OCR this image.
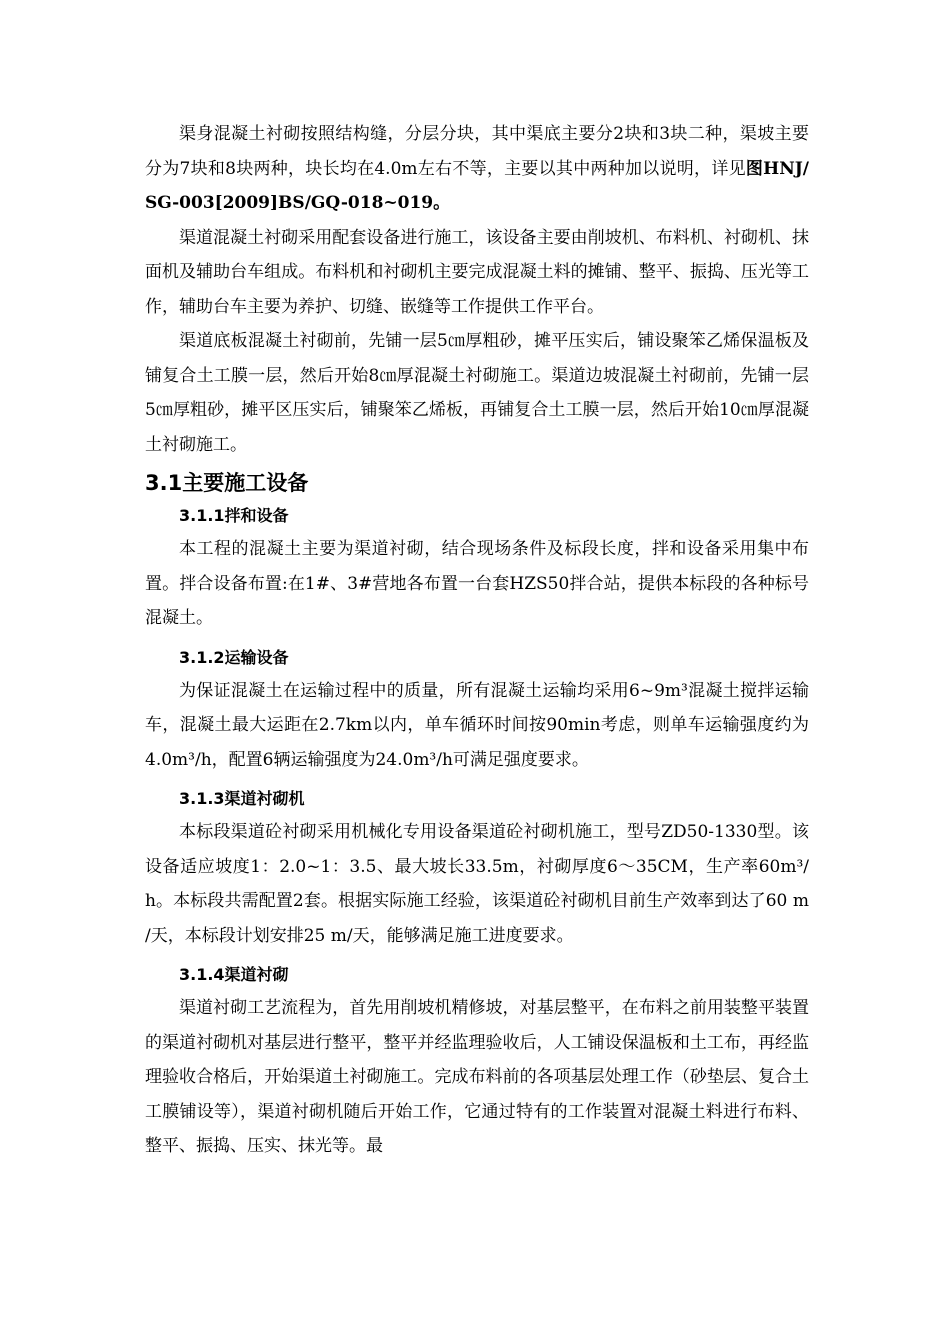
渠身混凝土衬砌按照结构缝，分层分块，其中渠底主要分2块和3块二种，渠坡主要分为7块和8块两种，块长均在4.0m左右不等，主要以其中两种加以说明，详见图HNJ/SG-003[2009]BS/GQ-018~019。

渠道混凝土衬砌采用配套设备进行施工，该设备主要由削坡机、布料机、衬砌机、抹面机及辅助台车组成。布料机和衬砌机主要完成混凝土料的摊铺、整平、振捣、压光等工作，辅助台车主要为养护、切缝、嵌缝等工作提供工作平台。

渠道底板混凝土衬砌前，先铺一层5㎝厚粗砂，摊平压实后，铺设聚笨乙烯保温板及铺复合土工膜一层，然后开始8㎝厚混凝土衬砌施工。渠道边坡混凝土衬砌前，先铺一层5㎝厚粗砂，摊平区压实后，铺聚笨乙烯板，再铺复合土工膜一层，然后开始10㎝厚混凝土衬砌施工。

3.1主要施工设备
3.1.1拌和设备

本工程的混凝土主要为渠道衬砌，结合现场条件及标段长度，拌和设备采用集中布置。拌合设备布置:在1#、3#营地各布置一台套HZS50拌合站，提供本标段的各种标号混凝土。

3.1.2运输设备

为保证混凝土在运输过程中的质量，所有混凝土运输均采用6~9m³混凝土搅拌运输车，混凝土最大运距在2.7km以内，单车循环时间按90min考虑，则单车运输强度约为4.0m³/h，配置6辆运输强度为24.0m³/h可满足强度要求。

3.1.3渠道衬砌机

本标段渠道砼衬砌采用机械化专用设备渠道砼衬砌机施工，型号ZD50-1330型。该设备适应坡度1：2.0~1：3.5、最大坡长33.5m，衬砌厚度6～35CM，生产率60m³/h。本标段共需配置2套。根据实际施工经验，该渠道砼衬砌机目前生产效率到达了60 m /天，本标段计划安排25 m/天，能够满足施工进度要求。

3.1.4渠道衬砌

渠道衬砌工艺流程为，首先用削坡机精修坡，对基层整平，在布料之前用装整平装置的渠道衬砌机对基层进行整平，整平并经监理验收后，人工铺设保温板和土工布，再经监理验收合格后，开始渠道土衬砌施工。完成布料前的各项基层处理工作（砂垫层、复合土工膜铺设等），渠道衬砌机随后开始工作，它通过特有的工作装置对混凝土料进行布料、整平、振捣、压实、抹光等。最
